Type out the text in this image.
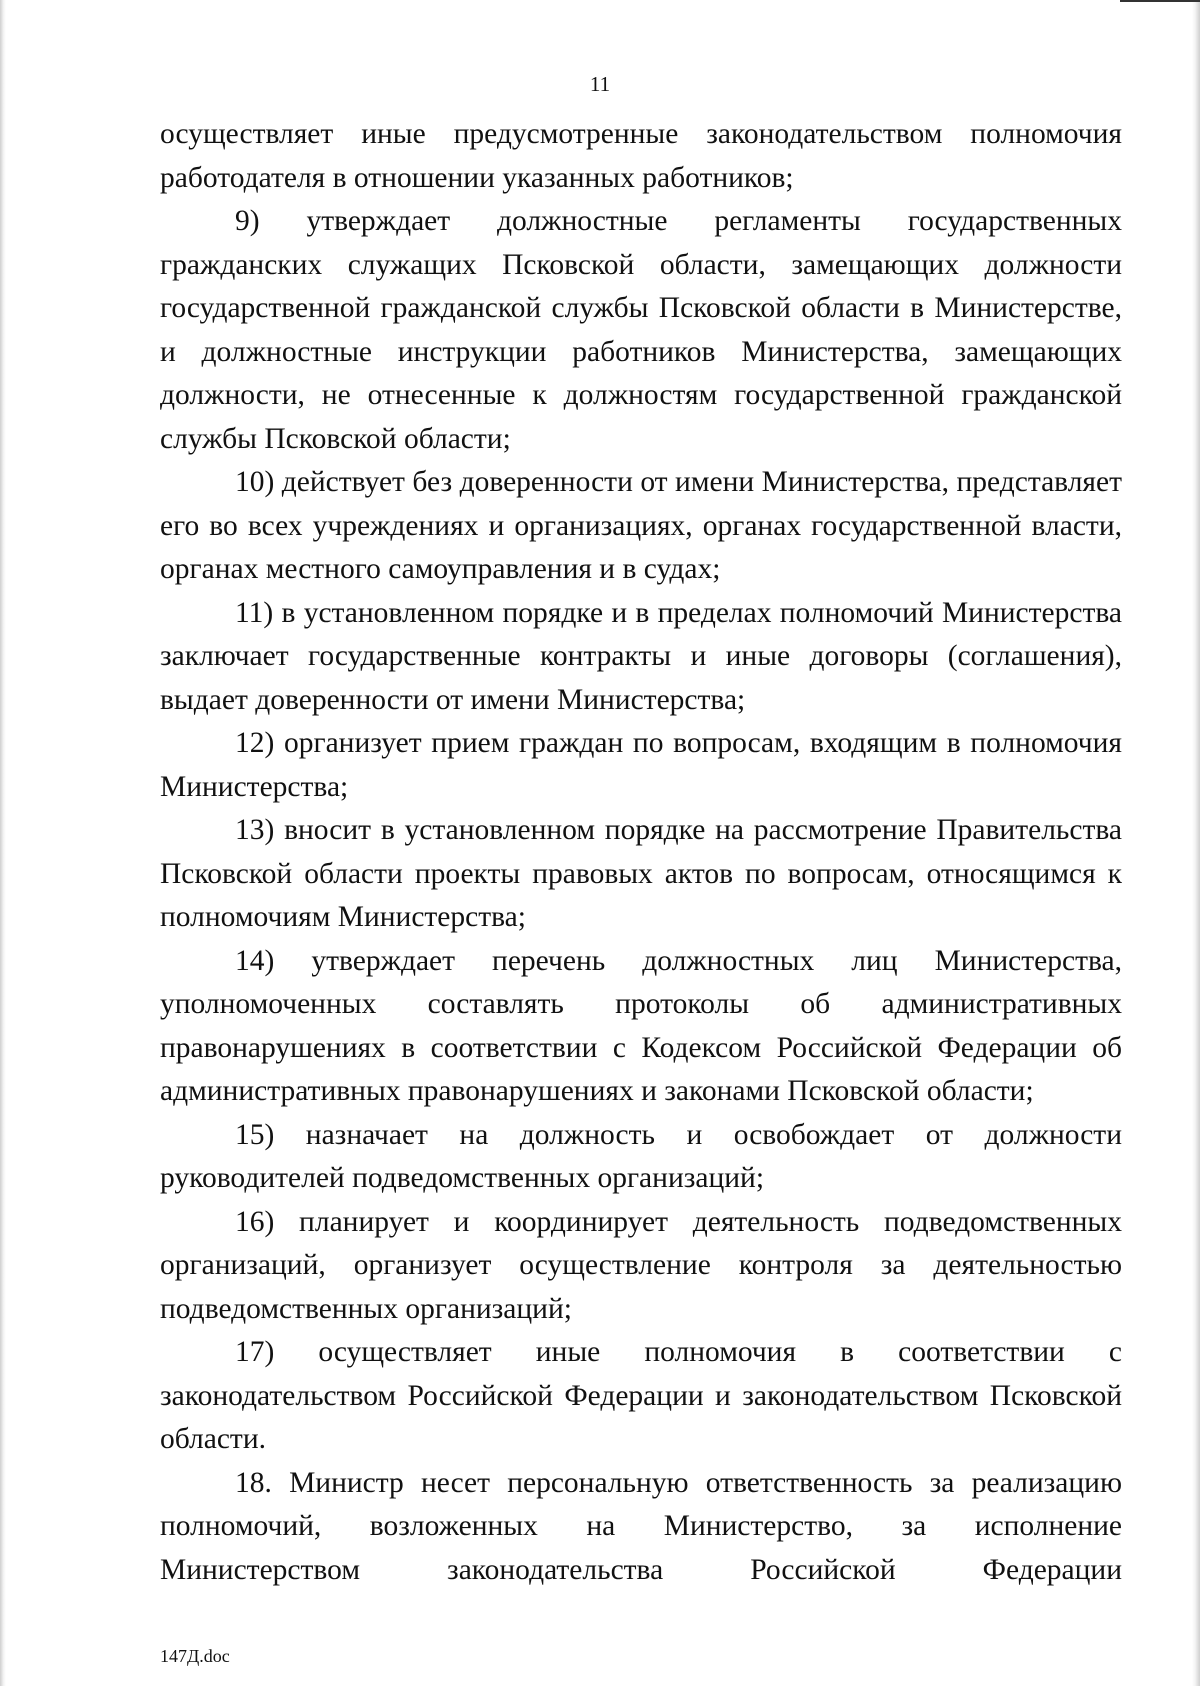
11

осуществляет иные предусмотренные законодательством полномочия работодателя в отношении указанных работников;

9) утверждает должностные регламенты государственных гражданских служащих Псковской области, замещающих должности государственной гражданской службы Псковской области в Министерстве, и должностные инструкции работников Министерства, замещающих должности, не отнесенные к должностям государственной гражданской службы Псковской области;

10) действует без доверенности от имени Министерства, представляет его во всех учреждениях и организациях, органах государственной власти, органах местного самоуправления и в судах;

11) в установленном порядке и в пределах полномочий Министерства заключает государственные контракты и иные договоры (соглашения), выдает доверенности от имени Министерства;

12) организует прием граждан по вопросам, входящим в полномочия Министерства;

13) вносит в установленном порядке на рассмотрение Правительства Псковской области проекты правовых актов по вопросам, относящимся к полномочиям Министерства;

14) утверждает перечень должностных лиц Министерства, уполномоченных составлять протоколы об административных правонарушениях в соответствии с Кодексом Российской Федерации об административных правонарушениях и законами Псковской области;

15) назначает на должность и освобождает от должности руководителей подведомственных организаций;

16) планирует и координирует деятельность подведомственных организаций, организует осуществление контроля за деятельностью подведомственных организаций;

17) осуществляет иные полномочия в соответствии с законодательством Российской Федерации и законодательством Псковской области.

18. Министр несет персональную ответственность за реализацию полномочий, возложенных на Министерство, за исполнение Министерством законодательства Российской Федерации

147Д.doc
